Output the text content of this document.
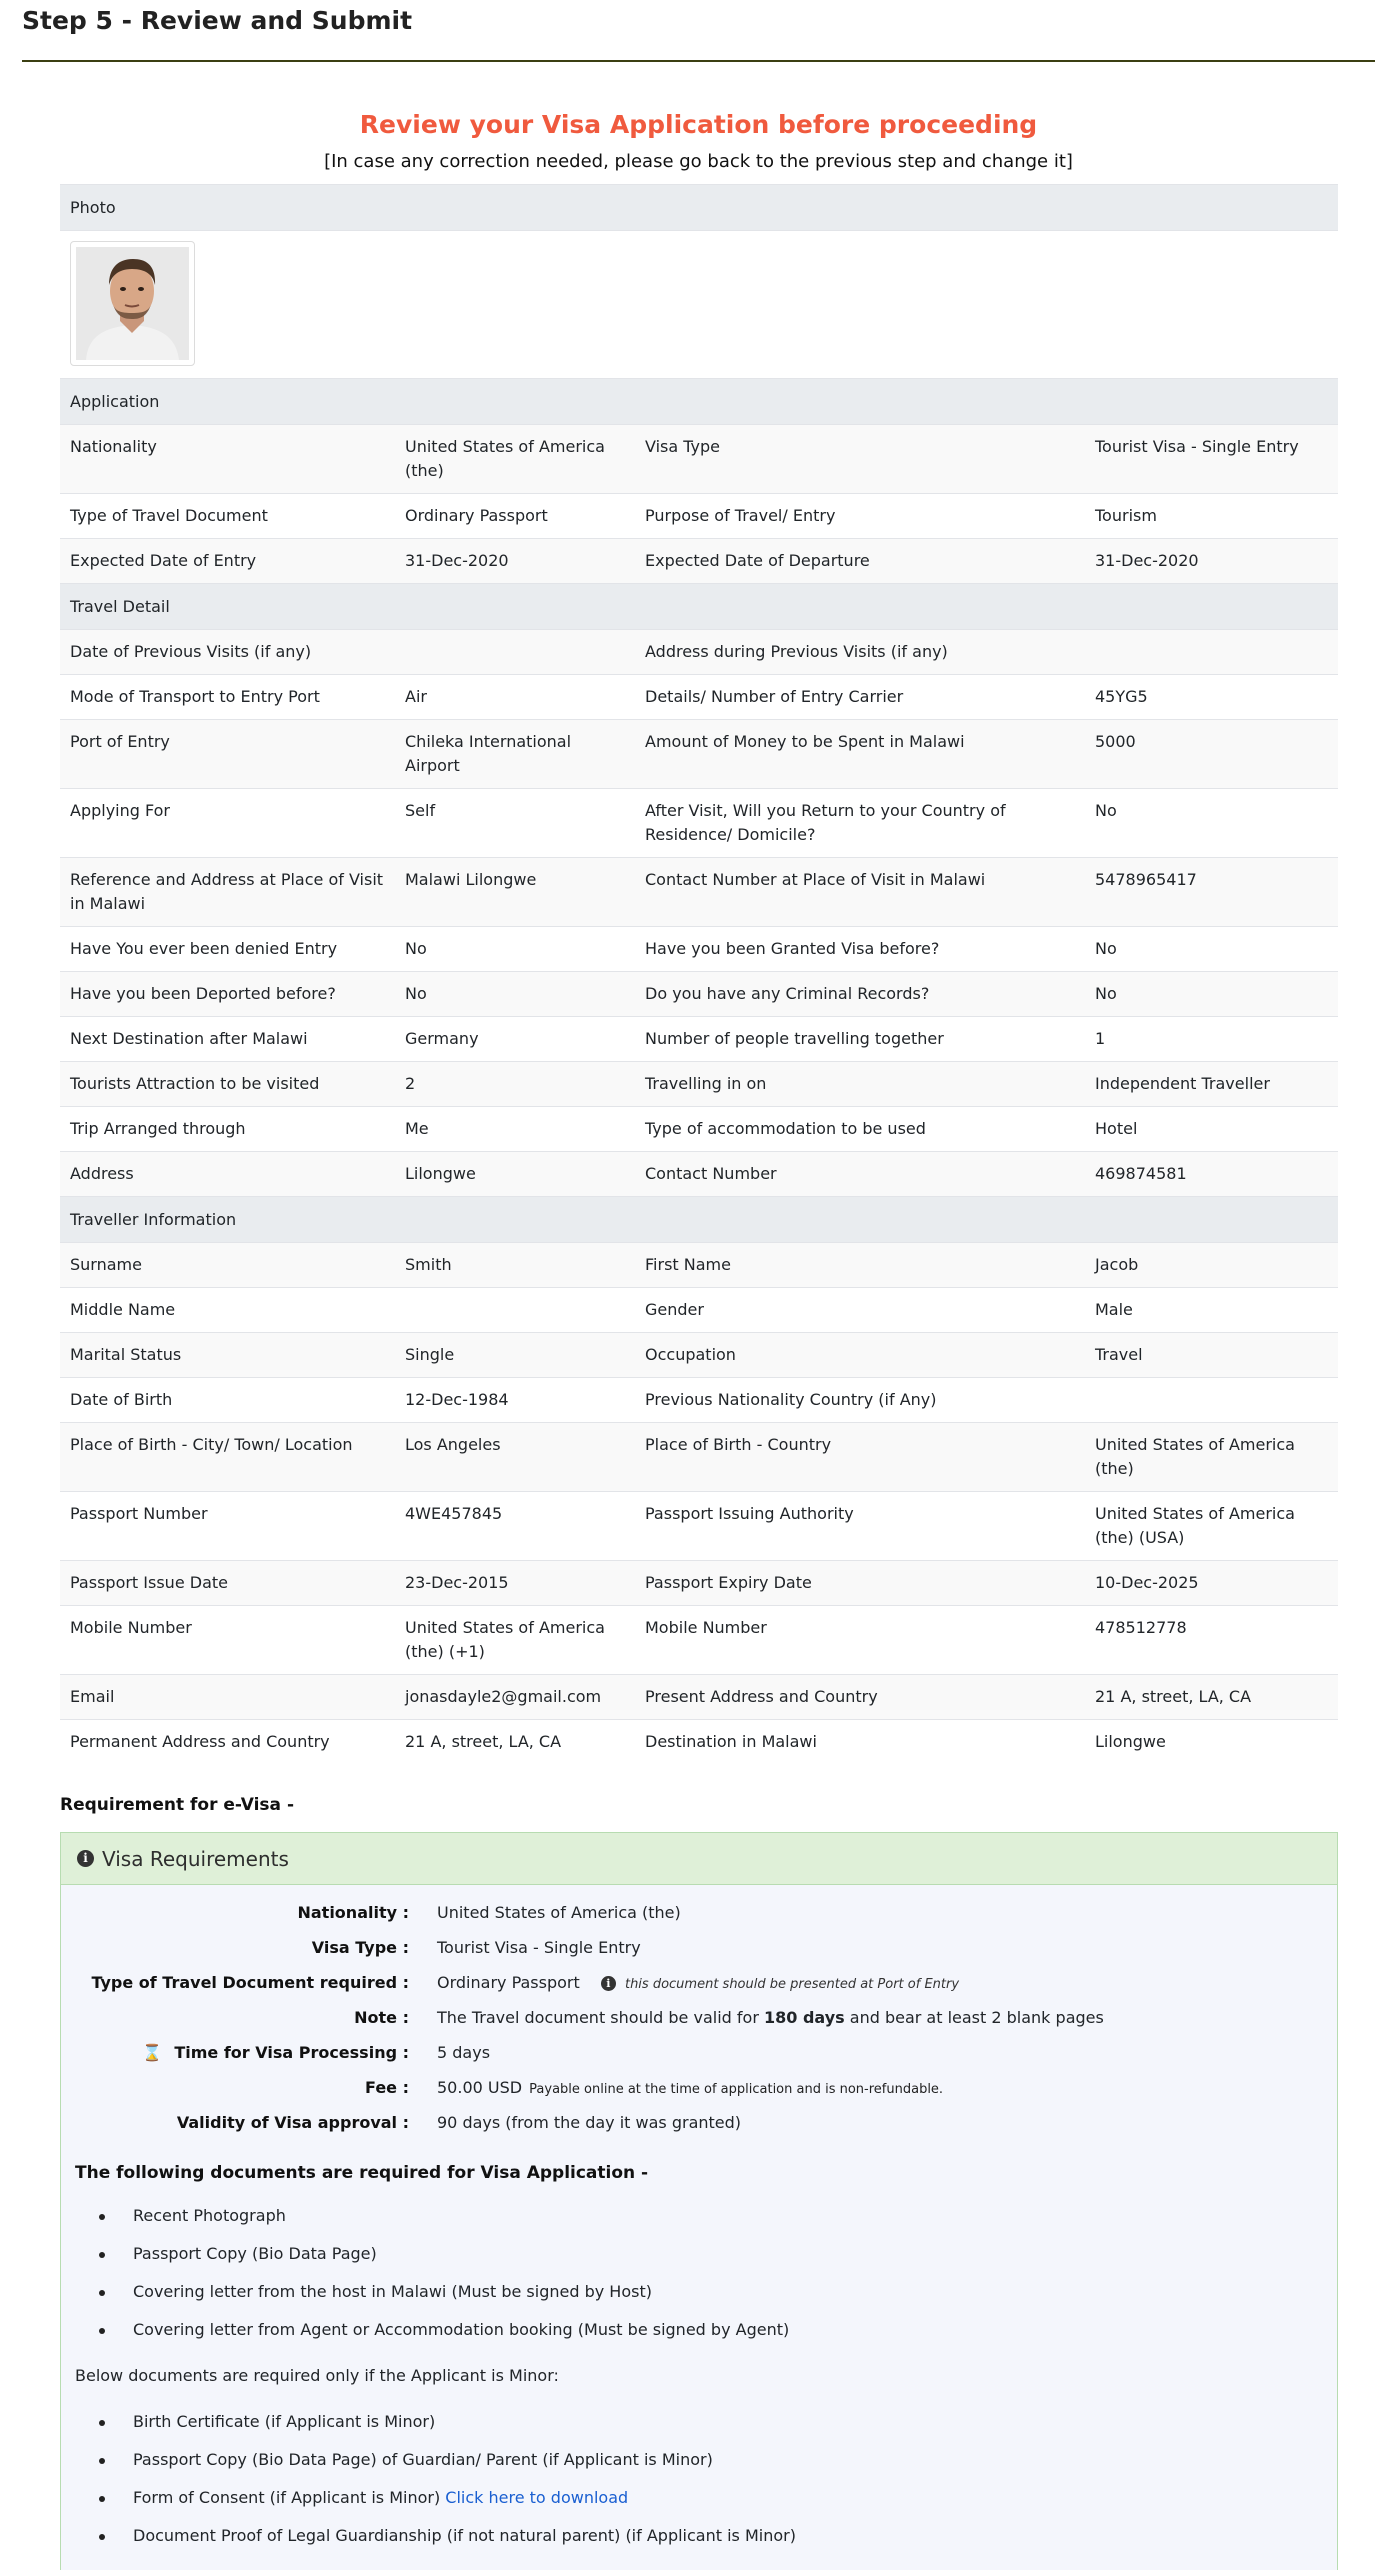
Step 5 - Review and Submit
Review your Visa Application before proceeding
[In case any correction needed, please go back to the previous step and change it]
Photo			

Application			
Nationality	United States of America (the)	Visa Type	Tourist Visa - Single Entry
Type of Travel Document	Ordinary Passport	Purpose of Travel/ Entry	Tourism
Expected Date of Entry	31-Dec-2020	Expected Date of Departure	31-Dec-2020
Travel Detail			
Date of Previous Visits (if any)		Address during Previous Visits (if any)	
Mode of Transport to Entry Port	Air	Details/ Number of Entry Carrier	45YG5
Port of Entry	Chileka International Airport	Amount of Money to be Spent in Malawi	5000
Applying For	Self	After Visit, Will you Return to your Country of Residence/ Domicile?	No
Reference and Address at Place of Visit in Malawi	Malawi Lilongwe	Contact Number at Place of Visit in Malawi	5478965417
Have You ever been denied Entry	No	Have you been Granted Visa before?	No
Have you been Deported before?	No	Do you have any Criminal Records?	No
Next Destination after Malawi	Germany	Number of people travelling together	1
Tourists Attraction to be visited	2	Travelling in on	Independent Traveller
Trip Arranged through	Me	Type of accommodation to be used	Hotel
Address	Lilongwe	Contact Number	469874581
Traveller Information			
Surname	Smith	First Name	Jacob
Middle Name		Gender	Male
Marital Status	Single	Occupation	Travel
Date of Birth	12-Dec-1984	Previous Nationality Country (if Any)	
Place of Birth - City/ Town/ Location	Los Angeles	Place of Birth - Country	United States of America (the)
Passport Number	4WE457845	Passport Issuing Authority	United States of America (the) (USA)
Passport Issue Date	23-Dec-2015	Passport Expiry Date	10-Dec-2025
Mobile Number	United States of America (the) (+1)	Mobile Number	478512778
Email	jonasdayle2@gmail.com	Present Address and Country	21 A, street, LA, CA
Permanent Address and Country	21 A, street, LA, CA	Destination in Malawi	Lilongwe
Requirement for e-Visa -
i Visa Requirements
Nationality :	United States of America (the)
Visa Type :	Tourist Visa - Single Entry
Type of Travel Document required :	Ordinary Passport i this document should be presented at Port of Entry
Note :	The Travel document should be valid for 180 days and bear at least 2 blank pages
⌛ Time for Visa Processing :	5 days
Fee :	50.00 USD Payable online at the time of application and is non-refundable.
Validity of Visa approval :	90 days (from the day it was granted)
The following documents are required for Visa Application -
Recent Photograph
Passport Copy (Bio Data Page)
Covering letter from the host in Malawi (Must be signed by Host)
Covering letter from Agent or Accommodation booking (Must be signed by Agent)
Below documents are required only if the Applicant is Minor:
Birth Certificate (if Applicant is Minor)
Passport Copy (Bio Data Page) of Guardian/ Parent (if Applicant is Minor)
Form of Consent (if Applicant is Minor) Click here to download
Document Proof of Legal Guardianship (if not natural parent) (if Applicant is Minor)
